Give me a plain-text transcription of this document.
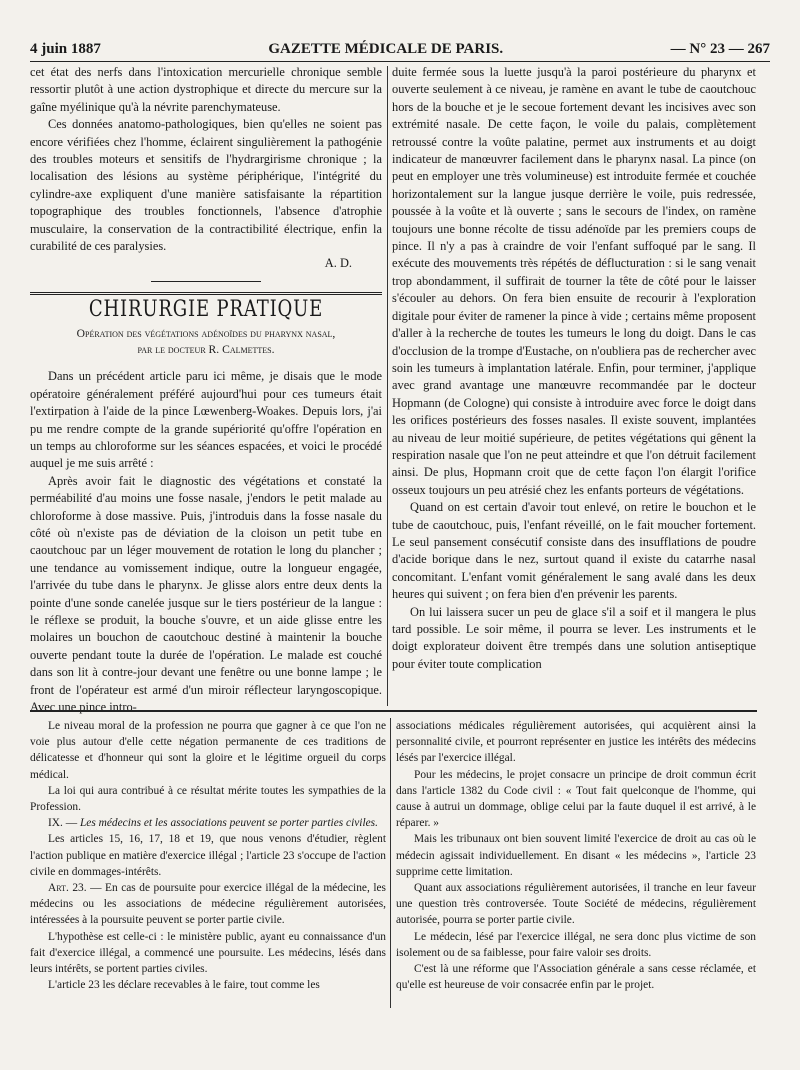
4 juin 1887	GAZETTE MÉDICALE DE PARIS.	— N° 23 — 267

cet état des nerfs dans l'intoxication mercurielle chronique semble ressortir plutôt à une action dystrophique et directe du mercure sur la gaîne myélinique qu'à la névrite parenchymateuse.

Ces données anatomo-pathologiques, bien qu'elles ne soient pas encore vérifiées chez l'homme, éclairent singulièrement la pathogénie des troubles moteurs et sensitifs de l'hydrargirisme chronique ; la localisation des lésions au système périphérique, l'intégrité du cylindre-axe expliquent d'une manière satisfaisante la répartition topographique des troubles fonctionnels, l'absence d'atrophie musculaire, la conservation de la contractibilité électrique, enfin la curabilité de ces paralysies.

A. D.

CHIRURGIE PRATIQUE
Opération des végétations adénoïdes du pharynx nasal,
par le docteur R. Calmettes.

Dans un précédent article paru ici même, je disais que le mode opératoire généralement préféré aujourd'hui pour ces tumeurs était l'extirpation à l'aide de la pince Lœwenberg-Woakes. Depuis lors, j'ai pu me rendre compte de la grande supériorité qu'offre l'opération en un temps au chloroforme sur les séances espacées, et voici le procédé auquel je me suis arrêté :

Après avoir fait le diagnostic des végétations et constaté la perméabilité d'au moins une fosse nasale, j'endors le petit malade au chloroforme à dose massive. Puis, j'introduis dans la fosse nasale du côté où n'existe pas de déviation de la cloison un petit tube en caoutchouc par un léger mouvement de rotation le long du plancher ; une tendance au vomissement indique, outre la longueur engagée, l'arrivée du tube dans le pharynx. Je glisse alors entre deux dents la pointe d'une sonde canelée jusque sur le tiers postérieur de la langue : le réflexe se produit, la bouche s'ouvre, et un aide glisse entre les molaires un bouchon de caoutchouc destiné à maintenir la bouche ouverte pendant toute la durée de l'opération. Le malade est couché dans son lit à contre-jour devant une fenêtre ou une bonne lampe ; le front de l'opérateur est armé d'un miroir réflecteur laryngoscopique. Avec une pince intro-

duite fermée sous la luette jusqu'à la paroi postérieure du pharynx et ouverte seulement à ce niveau, je ramène en avant le tube de caoutchouc hors de la bouche et je le secoue fortement devant les incisives avec son extrémité nasale. De cette façon, le voile du palais, complètement retroussé contre la voûte palatine, permet aux instruments et au doigt indicateur de manœuvrer facilement dans le pharynx nasal. La pince (on peut en employer une très volumineuse) est introduite fermée et couchée horizontalement sur la langue jusque derrière le voile, puis redressée, poussée à la voûte et là ouverte ; sans le secours de l'index, on ramène toujours une bonne récolte de tissu adénoïde par les premiers coups de pince. Il n'y a pas à craindre de voir l'enfant suffoqué par le sang. Il exécute des mouvements très répétés de déflucturation : si le sang venait trop abondamment, il suffirait de tourner la tête de côté pour le laisser s'écouler au dehors. On fera bien ensuite de recourir à l'exploration digitale pour éviter de ramener la pince à vide ; certains même proposent d'aller à la recherche de toutes les tumeurs le long du doigt. Dans le cas d'occlusion de la trompe d'Eustache, on n'oubliera pas de rechercher avec soin les tumeurs à implantation latérale. Enfin, pour terminer, j'applique avec grand avantage une manœuvre recommandée par le docteur Hopmann (de Cologne) qui consiste à introduire avec force le doigt dans les orifices postérieurs des fosses nasales. Il existe souvent, implantées au niveau de leur moitié supérieure, de petites végétations qui gênent la respiration nasale que l'on ne peut atteindre et que l'on détruit facilement ainsi. De plus, Hopmann croit que de cette façon l'on élargit l'orifice osseux toujours un peu atrésié chez les enfants porteurs de végétations.

Quand on est certain d'avoir tout enlevé, on retire le bouchon et le tube de caoutchouc, puis, l'enfant réveillé, on le fait moucher fortement. Le seul pansement consécutif consiste dans des insufflations de poudre d'acide borique dans le nez, surtout quand il existe du catarrhe nasal concomitant. L'enfant vomit généralement le sang avalé dans les deux heures qui suivent ; on fera bien d'en prévenir les parents.

On lui laissera sucer un peu de glace s'il a soif et il mangera le plus tard possible. Le soir même, il pourra se lever. Les instruments et le doigt explorateur doivent être trempés dans une solution antiseptique pour éviter toute complication

Le niveau moral de la profession ne pourra que gagner à ce que l'on ne voie plus autour d'elle cette négation permanente de ces traditions de délicatesse et d'honneur qui sont la gloire et le légitime orgueil du corps médical.

La loi qui aura contribué à ce résultat mérite toutes les sympathies de la Profession.

IX. — Les médecins et les associations peuvent se porter parties civiles.

Les articles 15, 16, 17, 18 et 19, que nous venons d'étudier, règlent l'action publique en matière d'exercice illégal ; l'article 23 s'occupe de l'action civile en dommages-intérêts.

Art. 23. — En cas de poursuite pour exercice illégal de la médecine, les médecins ou les associations de médecine régulièrement autorisées, intéressées à la poursuite peuvent se porter partie civile.

L'hypothèse est celle-ci : le ministère public, ayant eu connaissance d'un fait d'exercice illégal, a commencé une poursuite. Les médecins, lésés dans leurs intérêts, se portent parties civiles.

L'article 23 les déclare recevables à le faire, tout comme les

associations médicales régulièrement autorisées, qui acquièrent ainsi la personnalité civile, et pourront représenter en justice les intérêts des médecins lésés par l'exercice illégal.

Pour les médecins, le projet consacre un principe de droit commun écrit dans l'article 1382 du Code civil : « Tout fait quelconque de l'homme, qui cause à autrui un dommage, oblige celui par la faute duquel il est arrivé, à le réparer. »

Mais les tribunaux ont bien souvent limité l'exercice de droit au cas où le médecin agissait individuellement. En disant « les médecins », l'article 23 supprime cette limitation.

Quant aux associations régulièrement autorisées, il tranche en leur faveur une question très controversée. Toute Société de médecins, régulièrement autorisée, pourra se porter partie civile.

Le médecin, lésé par l'exercice illégal, ne sera donc plus victime de son isolement ou de sa faiblesse, pour faire valoir ses droits.

C'est là une réforme que l'Association générale a sans cesse réclamée, et qu'elle est heureuse de voir consacrée enfin par le projet.
